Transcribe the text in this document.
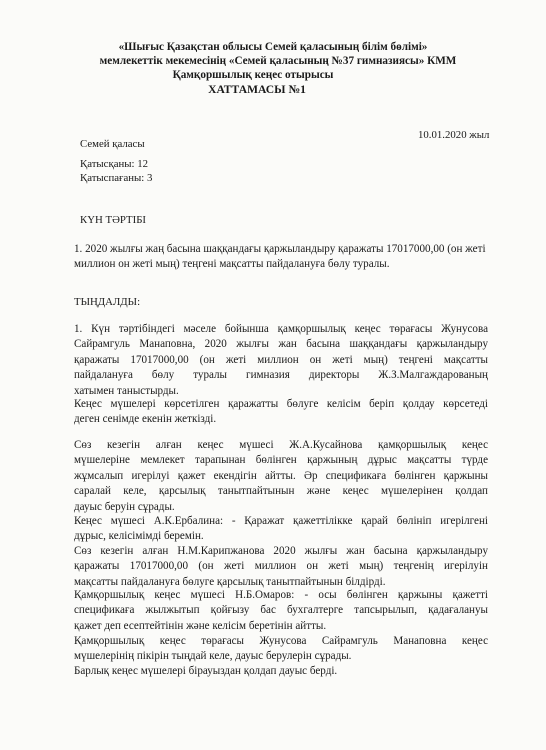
«Шығыс Қазақстан облысы Семей қаласының білім бөлімі»
мемлекеттік мекемесінің «Семей қаласының №37 гимназиясы» КММ
Қамқоршылық кеңес отырысы
ХАТТАМАСЫ №1
Семей қаласы
10.01.2020 жыл
Қатысқаны: 12
Қатыспағаны: 3
КҮН ТӘРТІБІ
1. 2020 жылғы жаң басына шаққандағы қаржыландыру қаражаты 17017000,00 (он жеті миллион он жеті мың) теңгені мақсатты пайдалануға бөлу туралы.
ТЫҢДАЛДЫ:
1. Күн тәртібіндегі мәселе бойынша қамқоршылық кеңес төрағасы Жунусова
Сайрамгуль Манаповна, 2020 жылғы жан басына шаққандағы қаржыландыру
қаражаты 17017000,00 (он жеті миллион он жеті мың) теңгені мақсатты
пайдалануға бөлу туралы гимназия директоры Ж.З.Малгаждарованың
хатымен таныстырды.
Кеңес мүшелері көрсетілген қаражатты бөлуге келісім беріп қолдау көрсетеді
деген сенімде екенін жеткізді.
Сөз кезегін алған кеңес мүшесі Ж.А.Кусайнова қамқоршылық кеңес
мүшелеріне мемлекет тарапынан бөлінген қаржының дұрыс мақсатты түрде
жұмсалып игерілуі қажет екендігін айтты. Әр спецификаға бөлінген қаржыны
саралай келе, қарсылық танытпайтынын және кеңес мүшелерінен қолдап
дауыс беруін сұрады.
Кеңес мүшесі А.К.Ербалина: - Қаражат қажеттілікке қарай бөлініп игерілгені
дұрыс, келісімімді беремін.
Сөз кезегін алған Н.М.Карипжанова 2020 жылғы жан басына қаржыландыру
қаражаты 17017000,00 (он жеті миллион он жеті мың) теңгенің игерілуін
мақсатты пайдалануға бөлуге қарсылық танытпайтынын білдірді.
Қамқоршылық кеңес мүшесі Н.Б.Омаров: - осы бөлінген қаржыны қажетті
спецификаға жылжытып қойғызу бас бухгалтерге тапсырылып, қадағалануы
қажет деп есептейтінін және келісім беретінін айтты.
Қамқоршылық кеңес төрағасы Жунусова Сайрамгуль Манаповна кеңес
мүшелерінің пікірін тыңдай келе, дауыс берулерін сұрады.
Барлық кеңес мүшелері бірауыздан қолдап дауыс берді.
